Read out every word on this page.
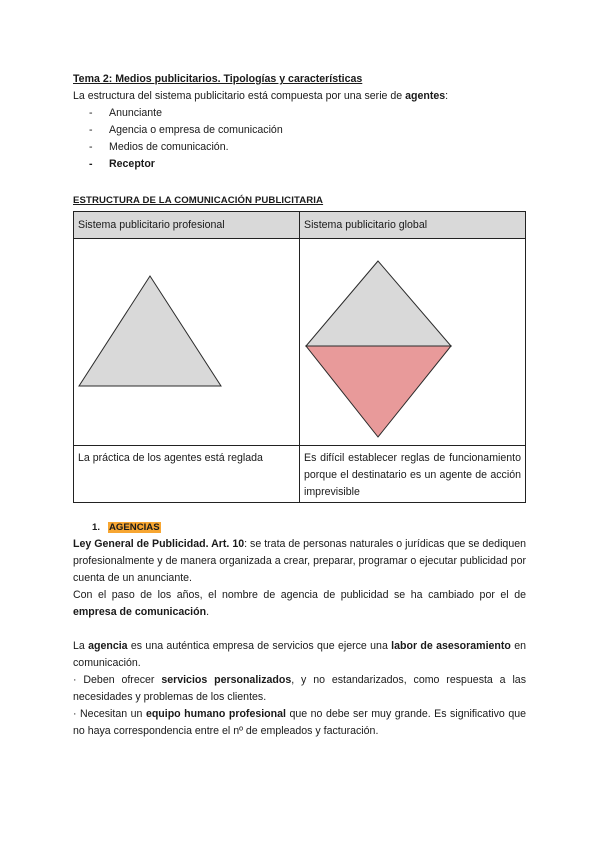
Tema 2: Medios publicitarios. Tipologías y características

La estructura del sistema publicitario está compuesta por una serie de agentes:

- Anunciante
- Agencia o empresa de comunicación
- Medios de comunicación.
- Receptor

ESTRUCTURA DE LA COMUNICACIÓN PUBLICITARIA

Sistema publicitario profesional	Sistema publicitario global

La práctica de los agentes está reglada	Es difícil establecer reglas de funcionamiento porque el destinatario es un agente de acción imprevisible

1. AGENCIAS

Ley General de Publicidad. Art. 10: se trata de personas naturales o jurídicas que se dediquen profesionalmente y de manera organizada a crear, preparar, programar o ejecutar publicidad por cuenta de un anunciante.

Con el paso de los años, el nombre de agencia de publicidad se ha cambiado por el de empresa de comunicación.

La agencia es una auténtica empresa de servicios que ejerce una labor de asesoramiento en comunicación.

· Deben ofrecer servicios personalizados, y no estandarizados, como respuesta a las necesidades y problemas de los clientes.

· Necesitan un equipo humano profesional que no debe ser muy grande. Es significativo que no haya correspondencia entre el nº de empleados y facturación.
